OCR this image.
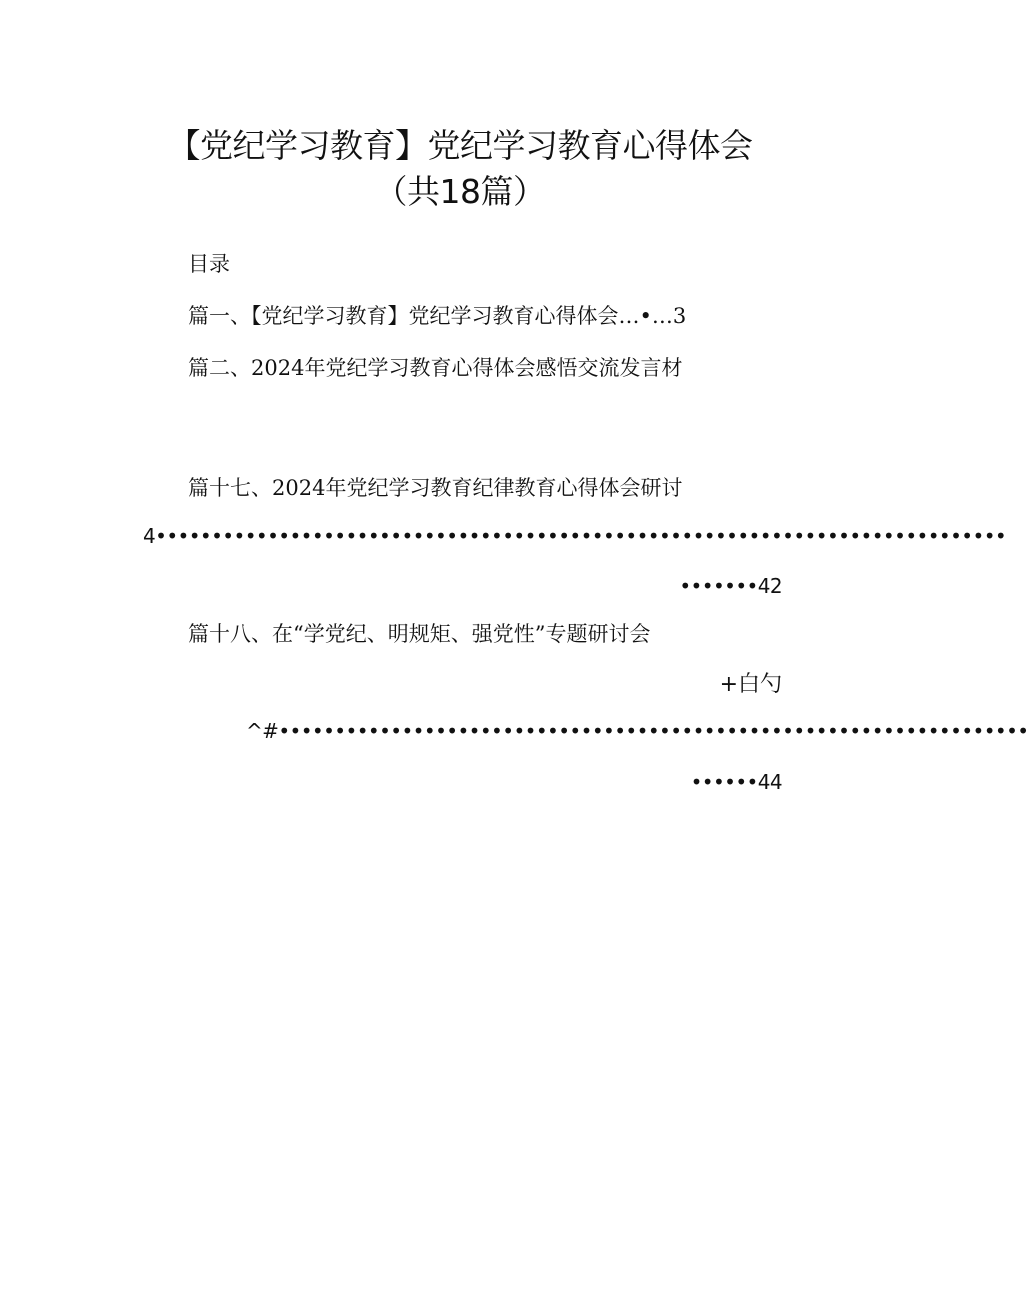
【党纪学习教育】党纪学习教育心得体会
（共18篇）
目录
篇一、【党纪学习教育】党纪学习教育心得体会…•…3
篇二、2024年党纪学习教育心得体会感悟交流发言材
篇十七、2024年党纪学习教育纪律教育心得体会研讨
4••••••••••••••••••••••••••••••••••••••••••••••••••••••••••••••••••••••••••••
•••••••42
篇十八、在“学党纪、明规矩、强党性”专题研讨会
+白勺
^#•••••••••••••••••••••••••••••••••••••••••••••••••••••••••••••••••••
••••••44
